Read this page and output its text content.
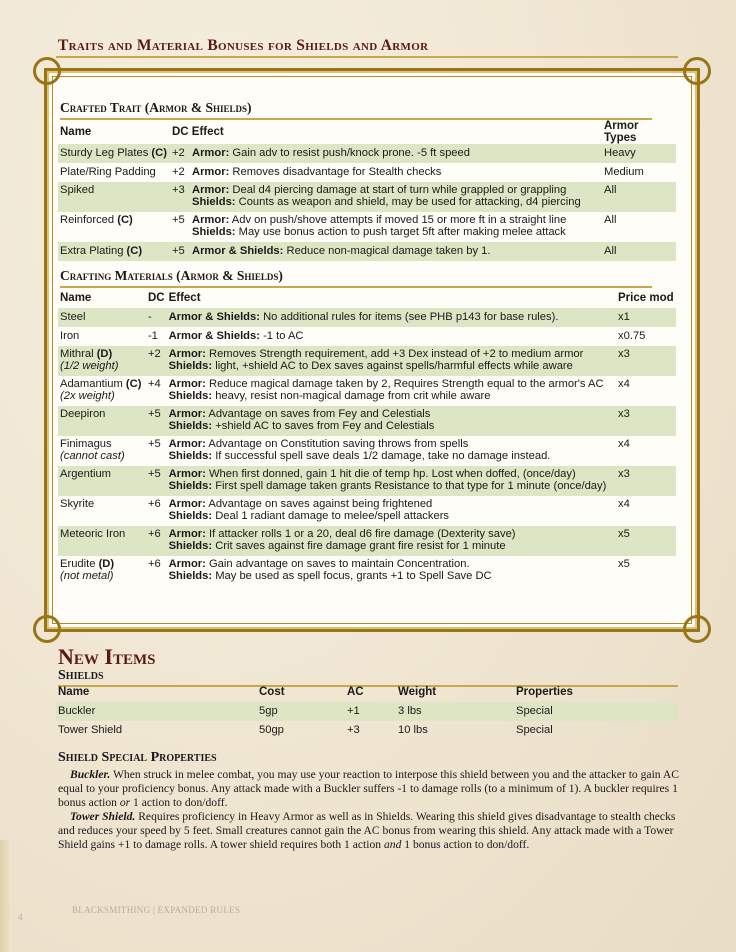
Traits and Material Bonuses for Shields and Armor
Crafted Trait (Armor & Shields)
Name	DC Effect		Armor Types
Sturdy Leg Plates (C)	+2	Armor: Gain adv to resist push/knock prone. -5 ft speed	Heavy
Plate/Ring Padding	+2	Armor: Removes disadvantage for Stealth checks	Medium
Spiked	+3	Armor: Deal d4 piercing damage at start of turn while grappled or grappling
Shields: Counts as weapon and shield, may be used for attacking, d4 piercing	All
Reinforced (C)	+5	Armor: Adv on push/shove attempts if moved 15 or more ft in a straight line
Shields: May use bonus action to push target 5ft after making melee attack	All
Extra Plating (C)	+5	Armor & Shields: Reduce non-magical damage taken by 1.	All
Crafting Materials (Armor & Shields)
Name	DC	Effect	Price mod
Steel	-	Armor & Shields: No additional rules for items (see PHB p143 for base rules).	x1
Iron	-1	Armor & Shields: -1 to AC	x0.75
Mithral (D)
(1/2 weight)	+2	Armor: Removes Strength requirement, add +3 Dex instead of +2 to medium armor
Shields: light, +shield AC to Dex saves against spells/harmful effects while aware	x3
Adamantium (C)
(2x weight)	+4	Armor: Reduce magical damage taken by 2, Requires Strength equal to the armor's AC
Shields: heavy, resist non-magical damage from crit while aware	x4
Deepiron	+5	Armor: Advantage on saves from Fey and Celestials
Shields: +shield AC to saves from Fey and Celestials	x3
Finimagus
(cannot cast)	+5	Armor: Advantage on Constitution saving throws from spells
Shields: If successful spell save deals 1/2 damage, take no damage instead.	x4
Argentium	+5	Armor: When first donned, gain 1 hit die of temp hp. Lost when doffed, (once/day)
Shields: First spell damage taken grants Resistance to that type for 1 minute (once/day)	x3
Skyrite	+6	Armor: Advantage on saves against being frightened
Shields: Deal 1 radiant damage to melee/spell attackers	x4
Meteoric Iron	+6	Armor: If attacker rolls 1 or a 20, deal d6 fire damage (Dexterity save)
Shields: Crit saves against fire damage grant fire resist for 1 minute	x5
Erudite (D)
(not metal)	+6	Armor: Gain advantage on saves to maintain Concentration.
Shields: May be used as spell focus, grants +1 to Spell Save DC	x5
New Items
Shields
Name	Cost	AC	Weight	Properties
Buckler	5gp	+1	3 lbs	Special
Tower Shield	50gp	+3	10 lbs	Special
Shield Special Properties

Buckler. When struck in melee combat, you may use your reaction to interpose this shield between you and the attacker to gain AC equal to your proficiency bonus. Any attack made with a Buckler suffers -1 to damage rolls (to a minimum of 1). A buckler requires 1 bonus action or 1 action to don/doff.

Tower Shield. Requires proficiency in Heavy Armor as well as in Shields. Wearing this shield gives disadvantage to stealth checks and reduces your speed by 5 feet. Small creatures cannot gain the AC bonus from wearing this shield. Any attack made with a Tower Shield gains +1 to damage rolls. A tower shield requires both 1 action and 1 bonus action to don/doff.

4

BLACKSMITHING | EXPANDED RULES
